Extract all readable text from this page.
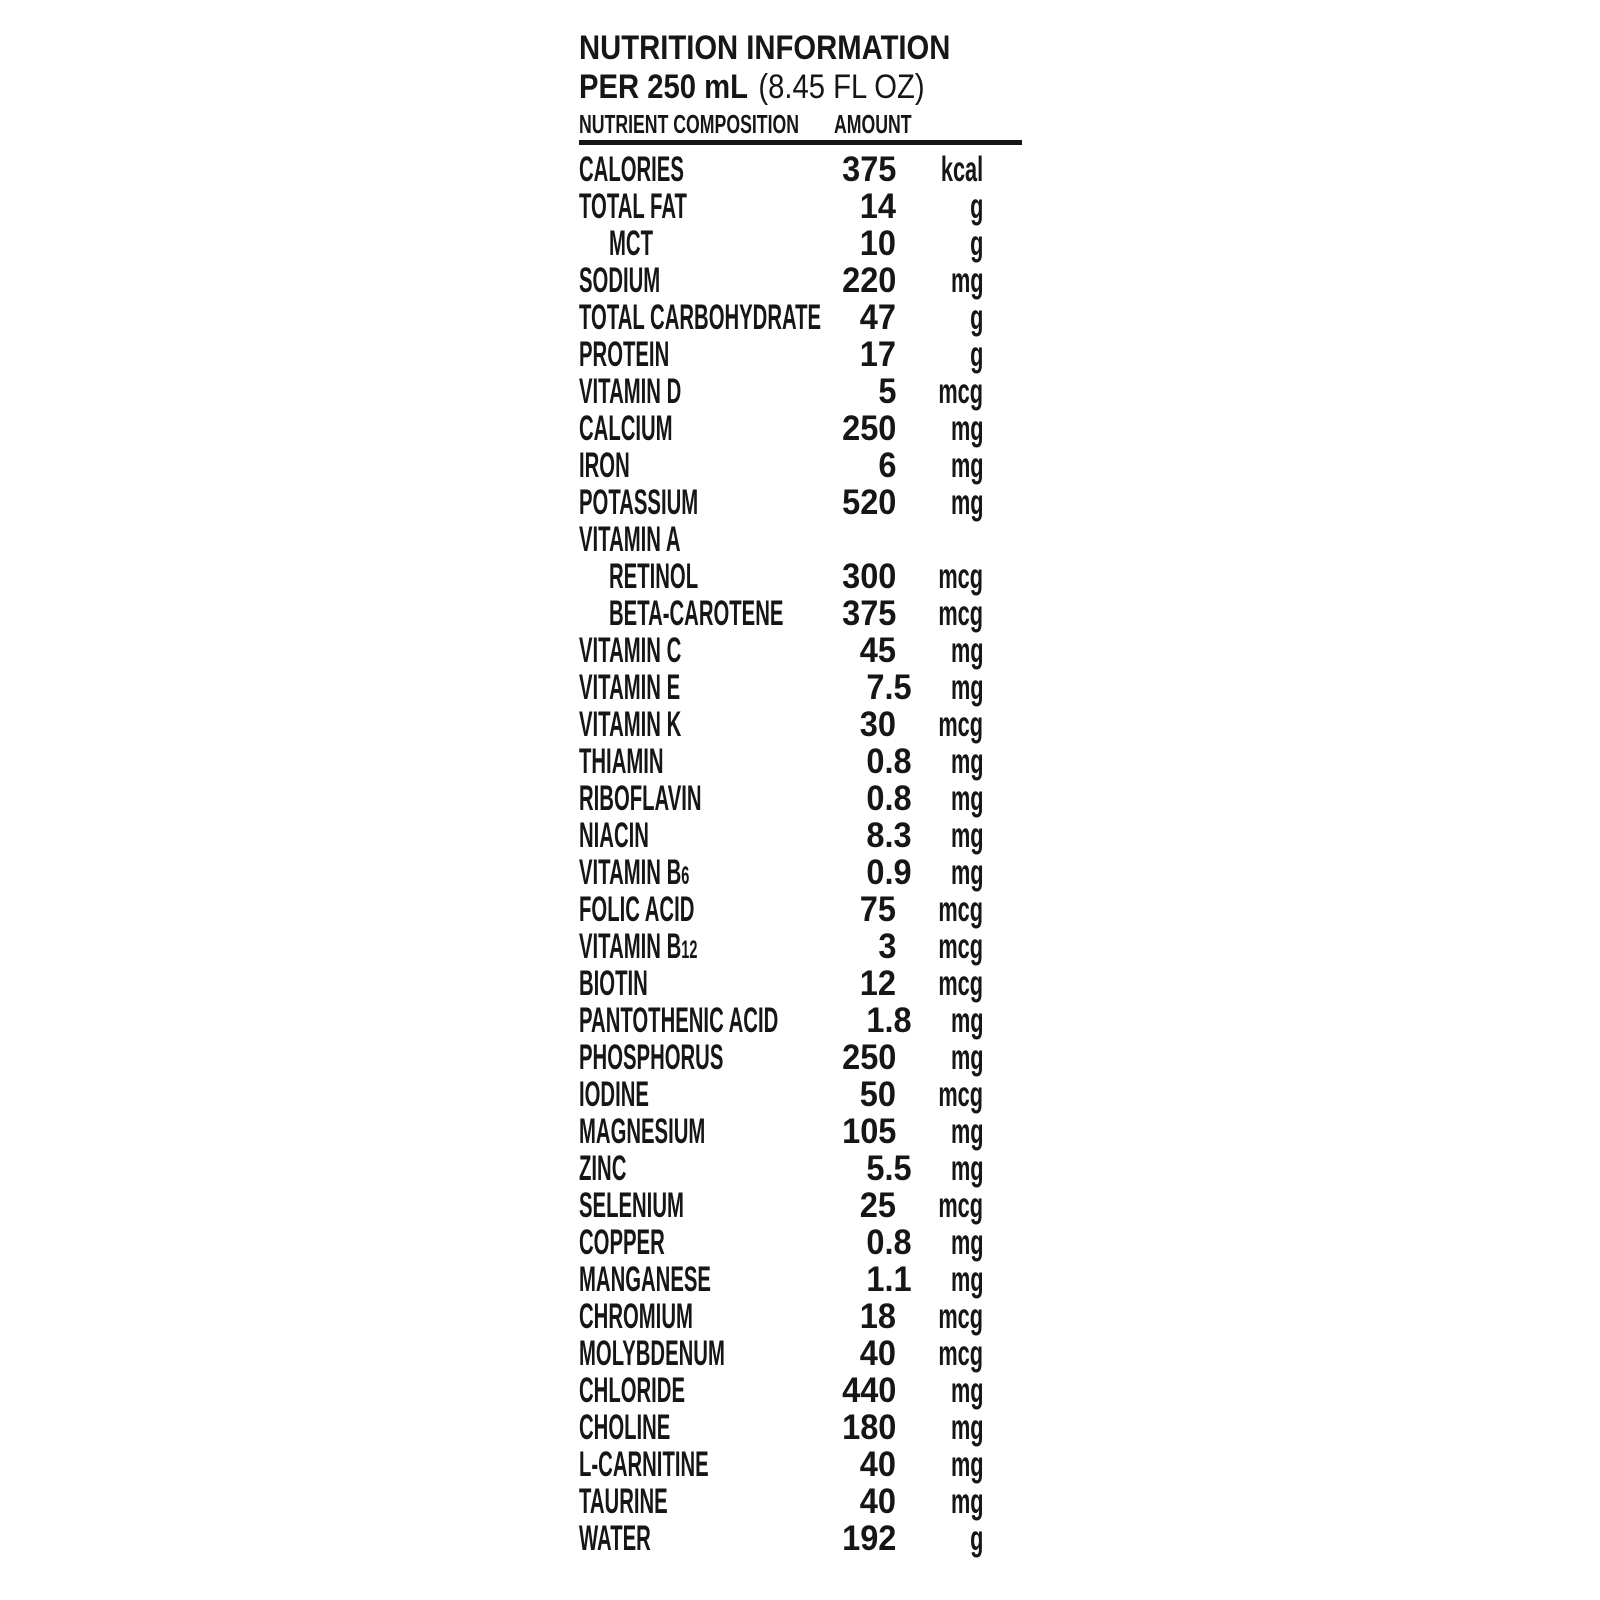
NUTRITION INFORMATION
PER 250 mL (8.45 FL OZ)
NUTRIENT COMPOSITION AMOUNT
CALORIES	375	kcal
TOTAL FAT	14	g
MCT	10	g
SODIUM	220	mg
TOTAL CARBOHYDRATE	47	g
PROTEIN	17	g
VITAMIN D	5	mcg
CALCIUM	250	mg
IRON	6	mg
POTASSIUM	520	mg
VITAMIN A
RETINOL	300	mcg
BETA-CAROTENE	375	mcg
VITAMIN C	45	mg
VITAMIN E	7.5	mg
VITAMIN K	30	mcg
THIAMIN	0.8	mg
RIBOFLAVIN	0.8	mg
NIACIN	8.3	mg
VITAMIN B6	0.9	mg
FOLIC ACID	75	mcg
VITAMIN B12	3	mcg
BIOTIN	12	mcg
PANTOTHENIC ACID	1.8	mg
PHOSPHORUS	250	mg
IODINE	50	mcg
MAGNESIUM	105	mg
ZINC	5.5	mg
SELENIUM	25	mcg
COPPER	0.8	mg
MANGANESE	1.1	mg
CHROMIUM	18	mcg
MOLYBDENUM	40	mcg
CHLORIDE	440	mg
CHOLINE	180	mg
L-CARNITINE	40	mg
TAURINE	40	mg
WATER	192	g
